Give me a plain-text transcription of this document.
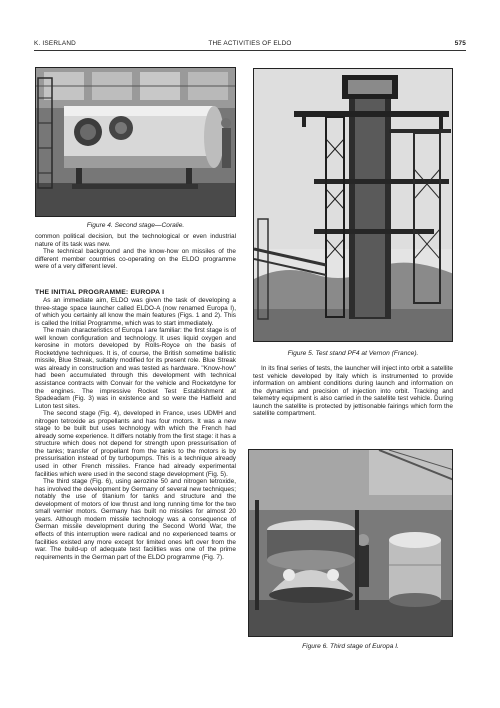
K. ISERLAND	THE ACTIVITIES OF ELDO	575
Figure 4. Second stage—Coralie.
Figure 5. Test stand PF4 at Vernon (France).
Figure 6. Third stage of Europa I.

common political decision, but the technological or even industrial nature of its task was new.

The technical background and the know-how on missiles of the different member countries co-operating on the ELDO programme were of a very different level.

THE INITIAL PROGRAMME: EUROPA I

As an immediate aim, ELDO was given the task of developing a three-stage space launcher called ELDO-A (now renamed Europa I), of which you certainly all know the main features (Figs. 1 and 2). This is called the Initial Programme, which was to start immediately.

The main characteristics of Europa I are familiar: the first stage is of well known configuration and technology. It uses liquid oxygen and kerosine in motors developed by Rolls-Royce on the basis of Rocketdyne techniques. It is, of course, the British sometime ballistic missile, Blue Streak, suitably modified for its present role. Blue Streak was already in construction and was tested as hardware. "Know-how" had been accumulated through this development with technical assistance contracts with Convair for the vehicle and Rocketdyne for the engines. The impressive Rocket Test Establishment at Spadeadam (Fig. 3) was in existence and so were the Hatfield and Luton test sites.

The second stage (Fig. 4), developed in France, uses UDMH and nitrogen tetroxide as propellants and has four motors. It was a new stage to be built but uses technology with which the French had already some experience. It differs notably from the first stage: it has a structure which does not depend for strength upon pressurisation of the tanks; transfer of propellant from the tanks to the motors is by pressurisation instead of by turbopumps. This is a technique already used in other French missiles. France had already experimental facilities which were used in the second stage development (Fig. 5).

The third stage (Fig. 6), using aerozine 50 and nitrogen tetroxide, has involved the development by Germany of several new techniques; notably the use of titanium for tanks and structure and the development of motors of low thrust and long running time for the two small vernier motors. Germany has built no missiles for almost 20 years. Although modern missile technology was a consequence of German missile development during the Second World War, the effects of this interruption were radical and no experienced teams or facilities existed any more except for limited ones left over from the war. The build-up of adequate test facilities was one of the prime requirements in the German part of the ELDO programme (Fig. 7).

In its final series of tests, the launcher will inject into orbit a satellite test vehicle developed by Italy which is instrumented to provide information on ambient conditions during launch and information on the dynamics and precision of injection into orbit. Tracking and telemetry equipment is also carried in the satellite test vehicle. During launch the satellite is protected by jettisonable fairings which form the satellite compartment.
